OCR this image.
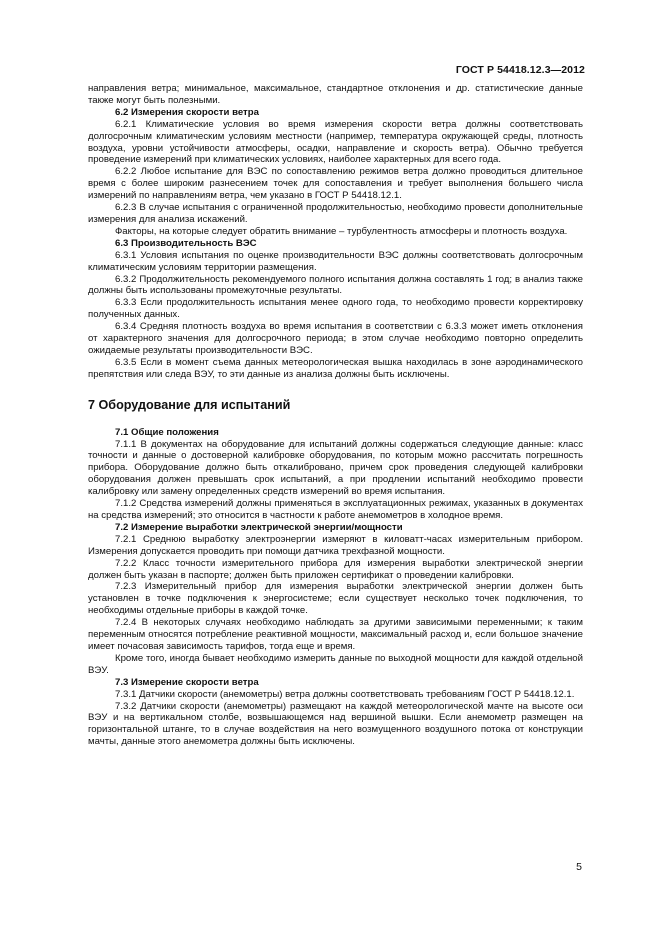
ГОСТ Р 54418.12.3—2012

направления ветра; минимальное, максимальное, стандартное отклонения и др. статистические данные также могут быть полезными.

6.2 Измерения скорости ветра

6.2.1 Климатические условия во время измерения скорости ветра должны соответствовать долгосрочным климатическим условиям местности (например, температура окружающей среды, плотность воздуха, уровни устойчивости атмосферы, осадки, направление и скорость ветра). Обычно требуется проведение измерений при климатических условиях, наиболее характерных для всего года.

6.2.2 Любое испытание для ВЭС по сопоставлению режимов ветра должно проводиться длительное время с более широким разнесением точек для сопоставления и требует выполнения большего числа измерений по направлениям ветра, чем указано в ГОСТ Р 54418.12.1.

6.2.3 В случае испытания с ограниченной продолжительностью, необходимо провести дополнительные измерения для анализа искажений.

Факторы, на которые следует обратить внимание – турбулентность атмосферы и плотность воздуха.

6.3 Производительность ВЭС

6.3.1 Условия испытания по оценке производительности ВЭС должны соответствовать долгосрочным климатическим условиям территории размещения.

6.3.2 Продолжительность рекомендуемого полного испытания должна составлять 1 год; в анализ также должны быть использованы промежуточные результаты.

6.3.3 Если продолжительность испытания менее одного года, то необходимо провести корректировку полученных данных.

6.3.4 Средняя плотность воздуха во время испытания в соответствии с 6.3.3 может иметь отклонения от характерного значения для долгосрочного периода; в этом случае необходимо повторно определить ожидаемые результаты производительности ВЭС.

6.3.5 Если в момент съема данных метеорологическая вышка находилась в зоне аэродинамического препятствия или следа ВЭУ, то эти данные из анализа должны быть исключены.

7 Оборудование для испытаний

7.1 Общие положения

7.1.1 В документах на оборудование для испытаний должны содержаться следующие данные: класс точности и данные о достоверной калибровке оборудования, по которым можно рассчитать погрешность прибора. Оборудование должно быть откалибровано, причем срок проведения следующей калибровки оборудования должен превышать срок испытаний, а при продлении испытаний необходимо провести калибровку или замену определенных средств измерений во время испытания.

7.1.2 Средства измерений должны применяться в эксплуатационных режимах, указанных в документах на средства измерений; это относится в частности к работе анемометров в холодное время.

7.2 Измерение выработки электрической энергии/мощности

7.2.1 Среднюю выработку электроэнергии измеряют в киловатт-часах измерительным прибором. Измерения допускается проводить при помощи датчика трехфазной мощности.

7.2.2 Класс точности измерительного прибора для измерения выработки электрической энергии должен быть указан в паспорте; должен быть приложен сертификат о проведении калибровки.

7.2.3 Измерительный прибор для измерения выработки электрической энергии должен быть установлен в точке подключения к энергосистеме; если существует несколько точек подключения, то необходимы отдельные приборы в каждой точке.

7.2.4 В некоторых случаях необходимо наблюдать за другими зависимыми переменными; к таким переменным относятся потребление реактивной мощности, максимальный расход и, если большое значение имеет почасовая зависимость тарифов, тогда еще и время.

Кроме того, иногда бывает необходимо измерить данные по выходной мощности для каждой отдельной ВЭУ.

7.3 Измерение скорости ветра

7.3.1 Датчики скорости (анемометры) ветра должны соответствовать требованиям ГОСТ Р 54418.12.1.

7.3.2 Датчики скорости (анемометры) размещают на каждой метеорологической мачте на высоте оси ВЭУ и на вертикальном столбе, возвышающемся над вершиной вышки. Если анемометр размещен на горизонтальной штанге, то в случае воздействия на него возмущенного воздушного потока от конструкции мачты, данные этого анемометра должны быть исключены.

5
